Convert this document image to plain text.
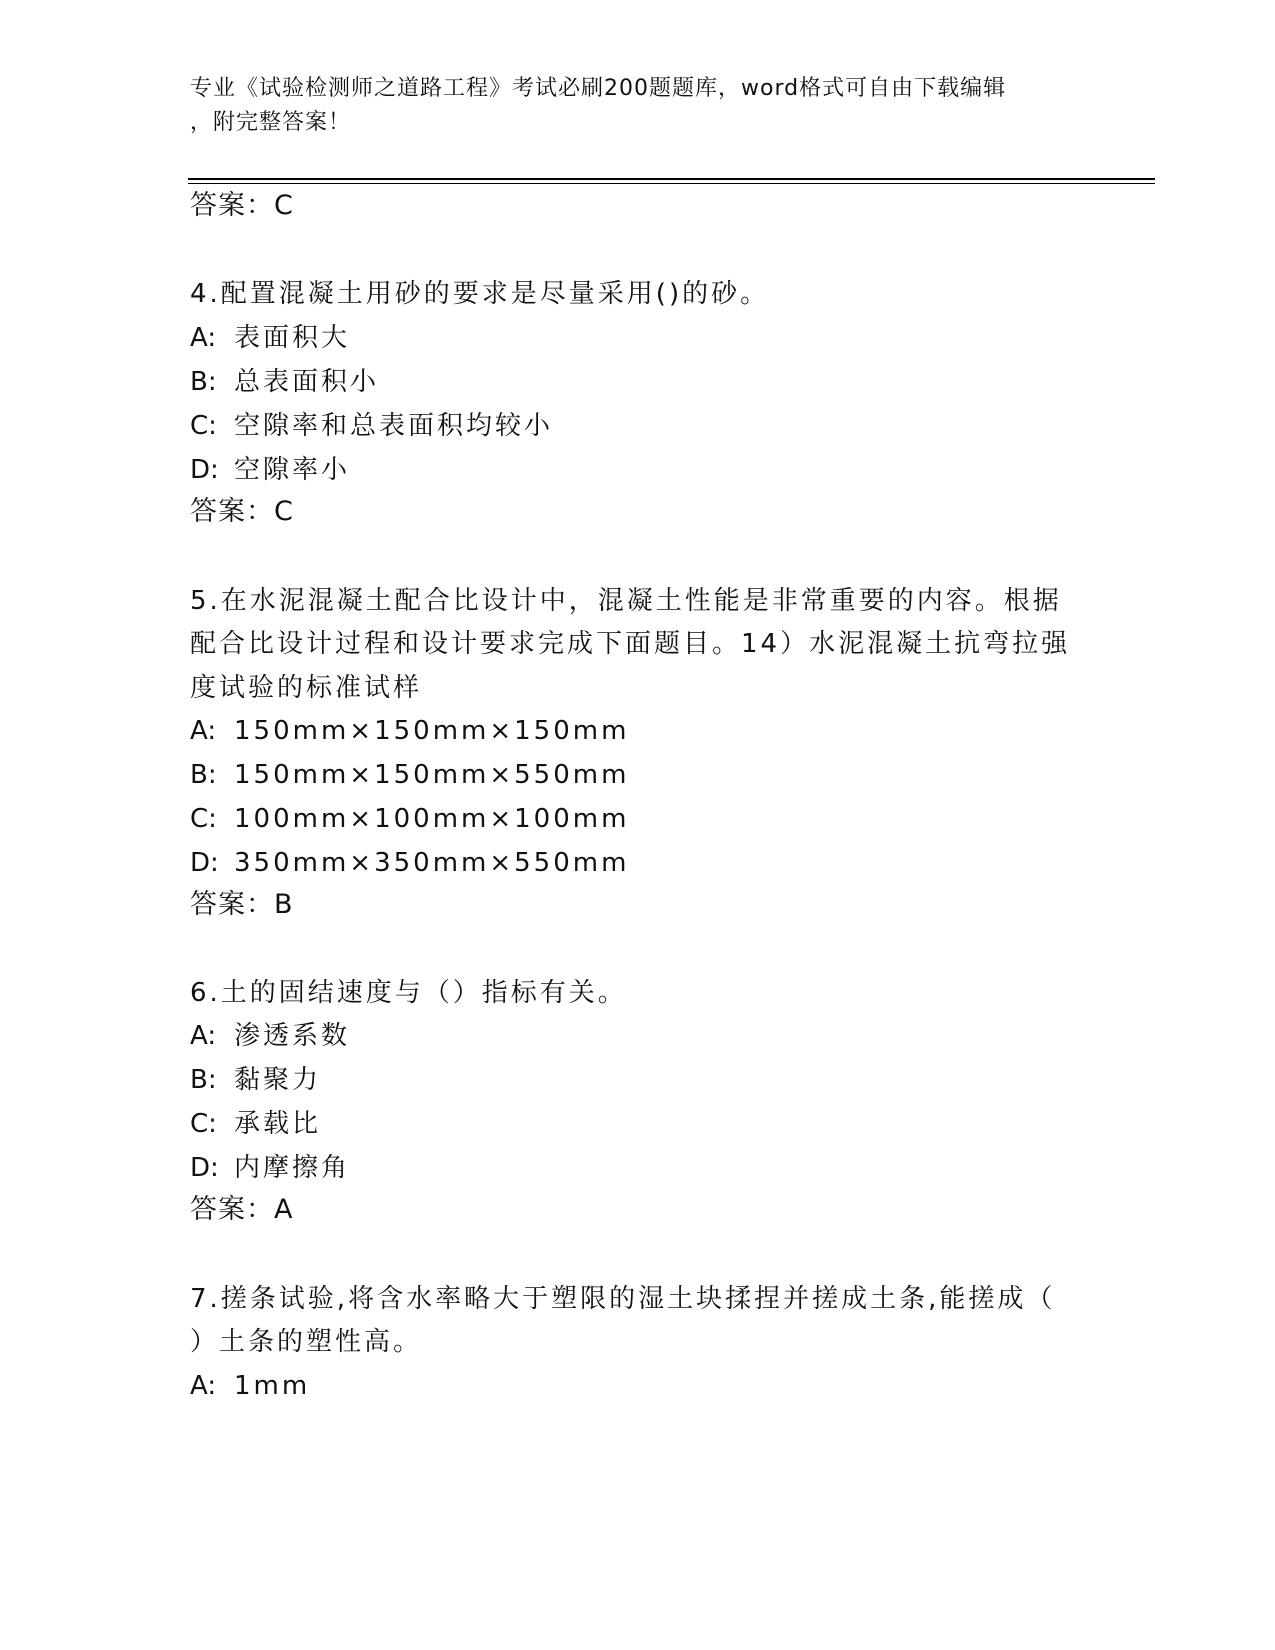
专业《试验检测师之道路工程》考试必刷200题题库，word格式可自由下载编辑
，附完整答案！
答案：C
4.配置混凝土用砂的要求是尽量采用()的砂。
A: 表面积大
B: 总表面积小
C: 空隙率和总表面积均较小
D: 空隙率小
答案：C
5.在水泥混凝土配合比设计中，混凝土性能是非常重要的内容。根据
配合比设计过程和设计要求完成下面题目。14）水泥混凝土抗弯拉强
度试验的标准试样
A: 150mm×150mm×150mm
B: 150mm×150mm×550mm
C: 100mm×100mm×100mm
D: 350mm×350mm×550mm
答案：B
6.土的固结速度与（）指标有关。
A: 渗透系数
B: 黏聚力
C: 承载比
D: 内摩擦角
答案：A
7.搓条试验,将含水率略大于塑限的湿土块揉捏并搓成土条,能搓成（
）土条的塑性高。
A: 1mm
